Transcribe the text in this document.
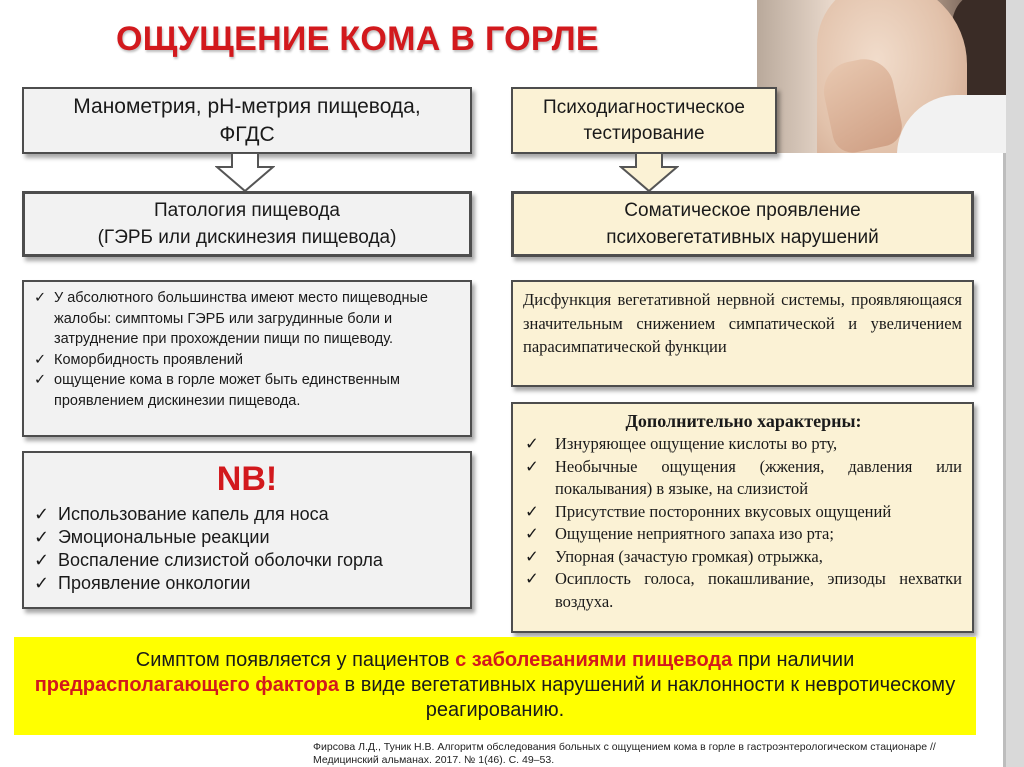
ОЩУЩЕНИЕ КОМА В ГОРЛЕ
Манометрия, рН-метрия пищевода,
ФГДС
Патология пищевода
(ГЭРБ или дискинезия пищевода)
✓ У абсолютного большинства имеют место пищеводные жалобы: симптомы ГЭРБ или загрудинные боли и затруднение при прохождении пищи по пищеводу.
✓ Коморбидность проявлений
✓ ощущение кома в горле может быть единственным проявлением дискинезии пищевода.
NB!
✓ Использование капель для носа
✓ Эмоциональные реакции
✓ Воспаление слизистой оболочки горла
✓ Проявление онкологии
Психодиагностическое
тестирование
Соматическое проявление
психовегетативных нарушений
Дисфункция вегетативной нервной системы, проявляющаяся значительным снижением симпатической и увеличением парасимпатической функции
Дополнительно характерны:
✓ Изнуряющее ощущение кислоты во рту,
✓ Необычные ощущения (жжения, давления или покалывания) в языке, на слизистой
✓ Присутствие посторонних вкусовых ощущений
✓ Ощущение неприятного запаха изо рта;
✓ Упорная (зачастую громкая) отрыжка,
✓ Осиплость голоса, покашливание, эпизоды нехватки воздуха.
Симптом появляется у пациентов с заболеваниями пищевода при наличии предрасполагающего фактора в виде вегетативных нарушений и наклонности к невротическому реагированию.
Фирсова Л.Д., Туник Н.В. Алгоритм обследования больных с ощущением кома в горле в гастроэнтерологическом стационаре //
Медицинский альманах. 2017. № 1(46). С. 49–53.
